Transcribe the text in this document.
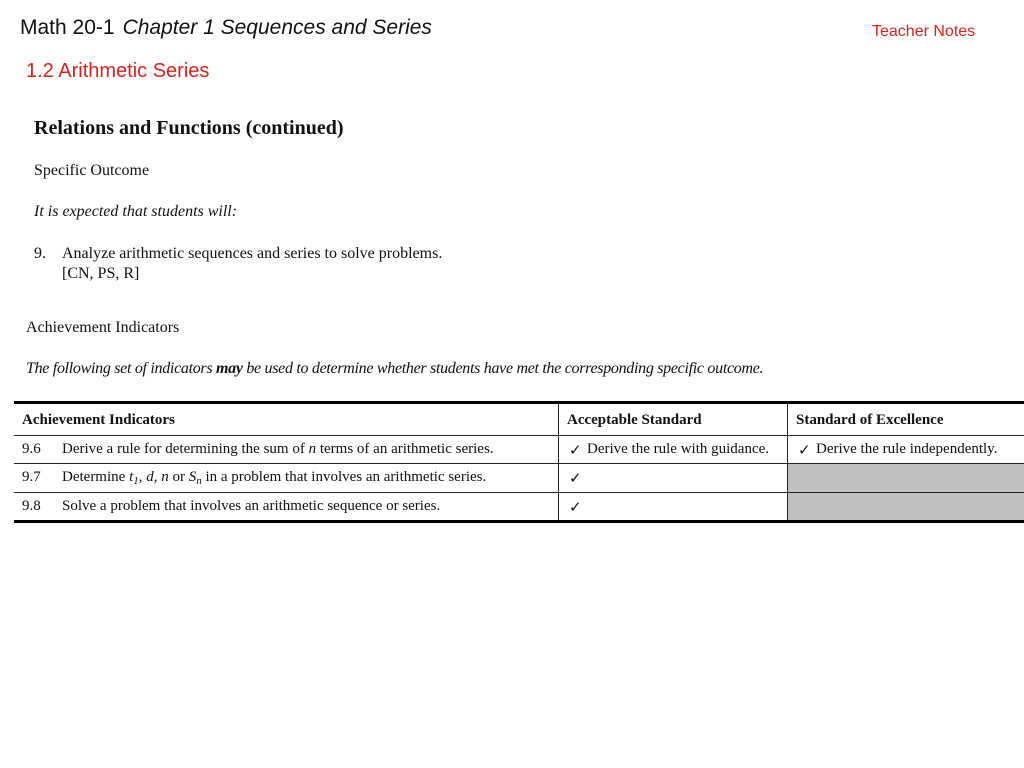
Math 20-1 Chapter 1 Sequences and Series	Teacher Notes
1.2 Arithmetic Series
Relations and Functions (continued)
Specific Outcome
It is expected that students will:
9. Analyze arithmetic sequences and series to solve problems.
[CN, PS, R]
Achievement Indicators
The following set of indicators may be used to determine whether students have met the corresponding specific outcome.
Achievement Indicators	Acceptable Standard	Standard of Excellence
9.6 Derive a rule for determining the sum of n terms of an arithmetic series.	✓ Derive the rule with guidance.	✓ Derive the rule independently.
9.7 Determine $t_1$, d, n or $S_n$ in a problem that involves an arithmetic series.	✓	

9.8 Solve a problem that involves an arithmetic sequence or series.	✓	
